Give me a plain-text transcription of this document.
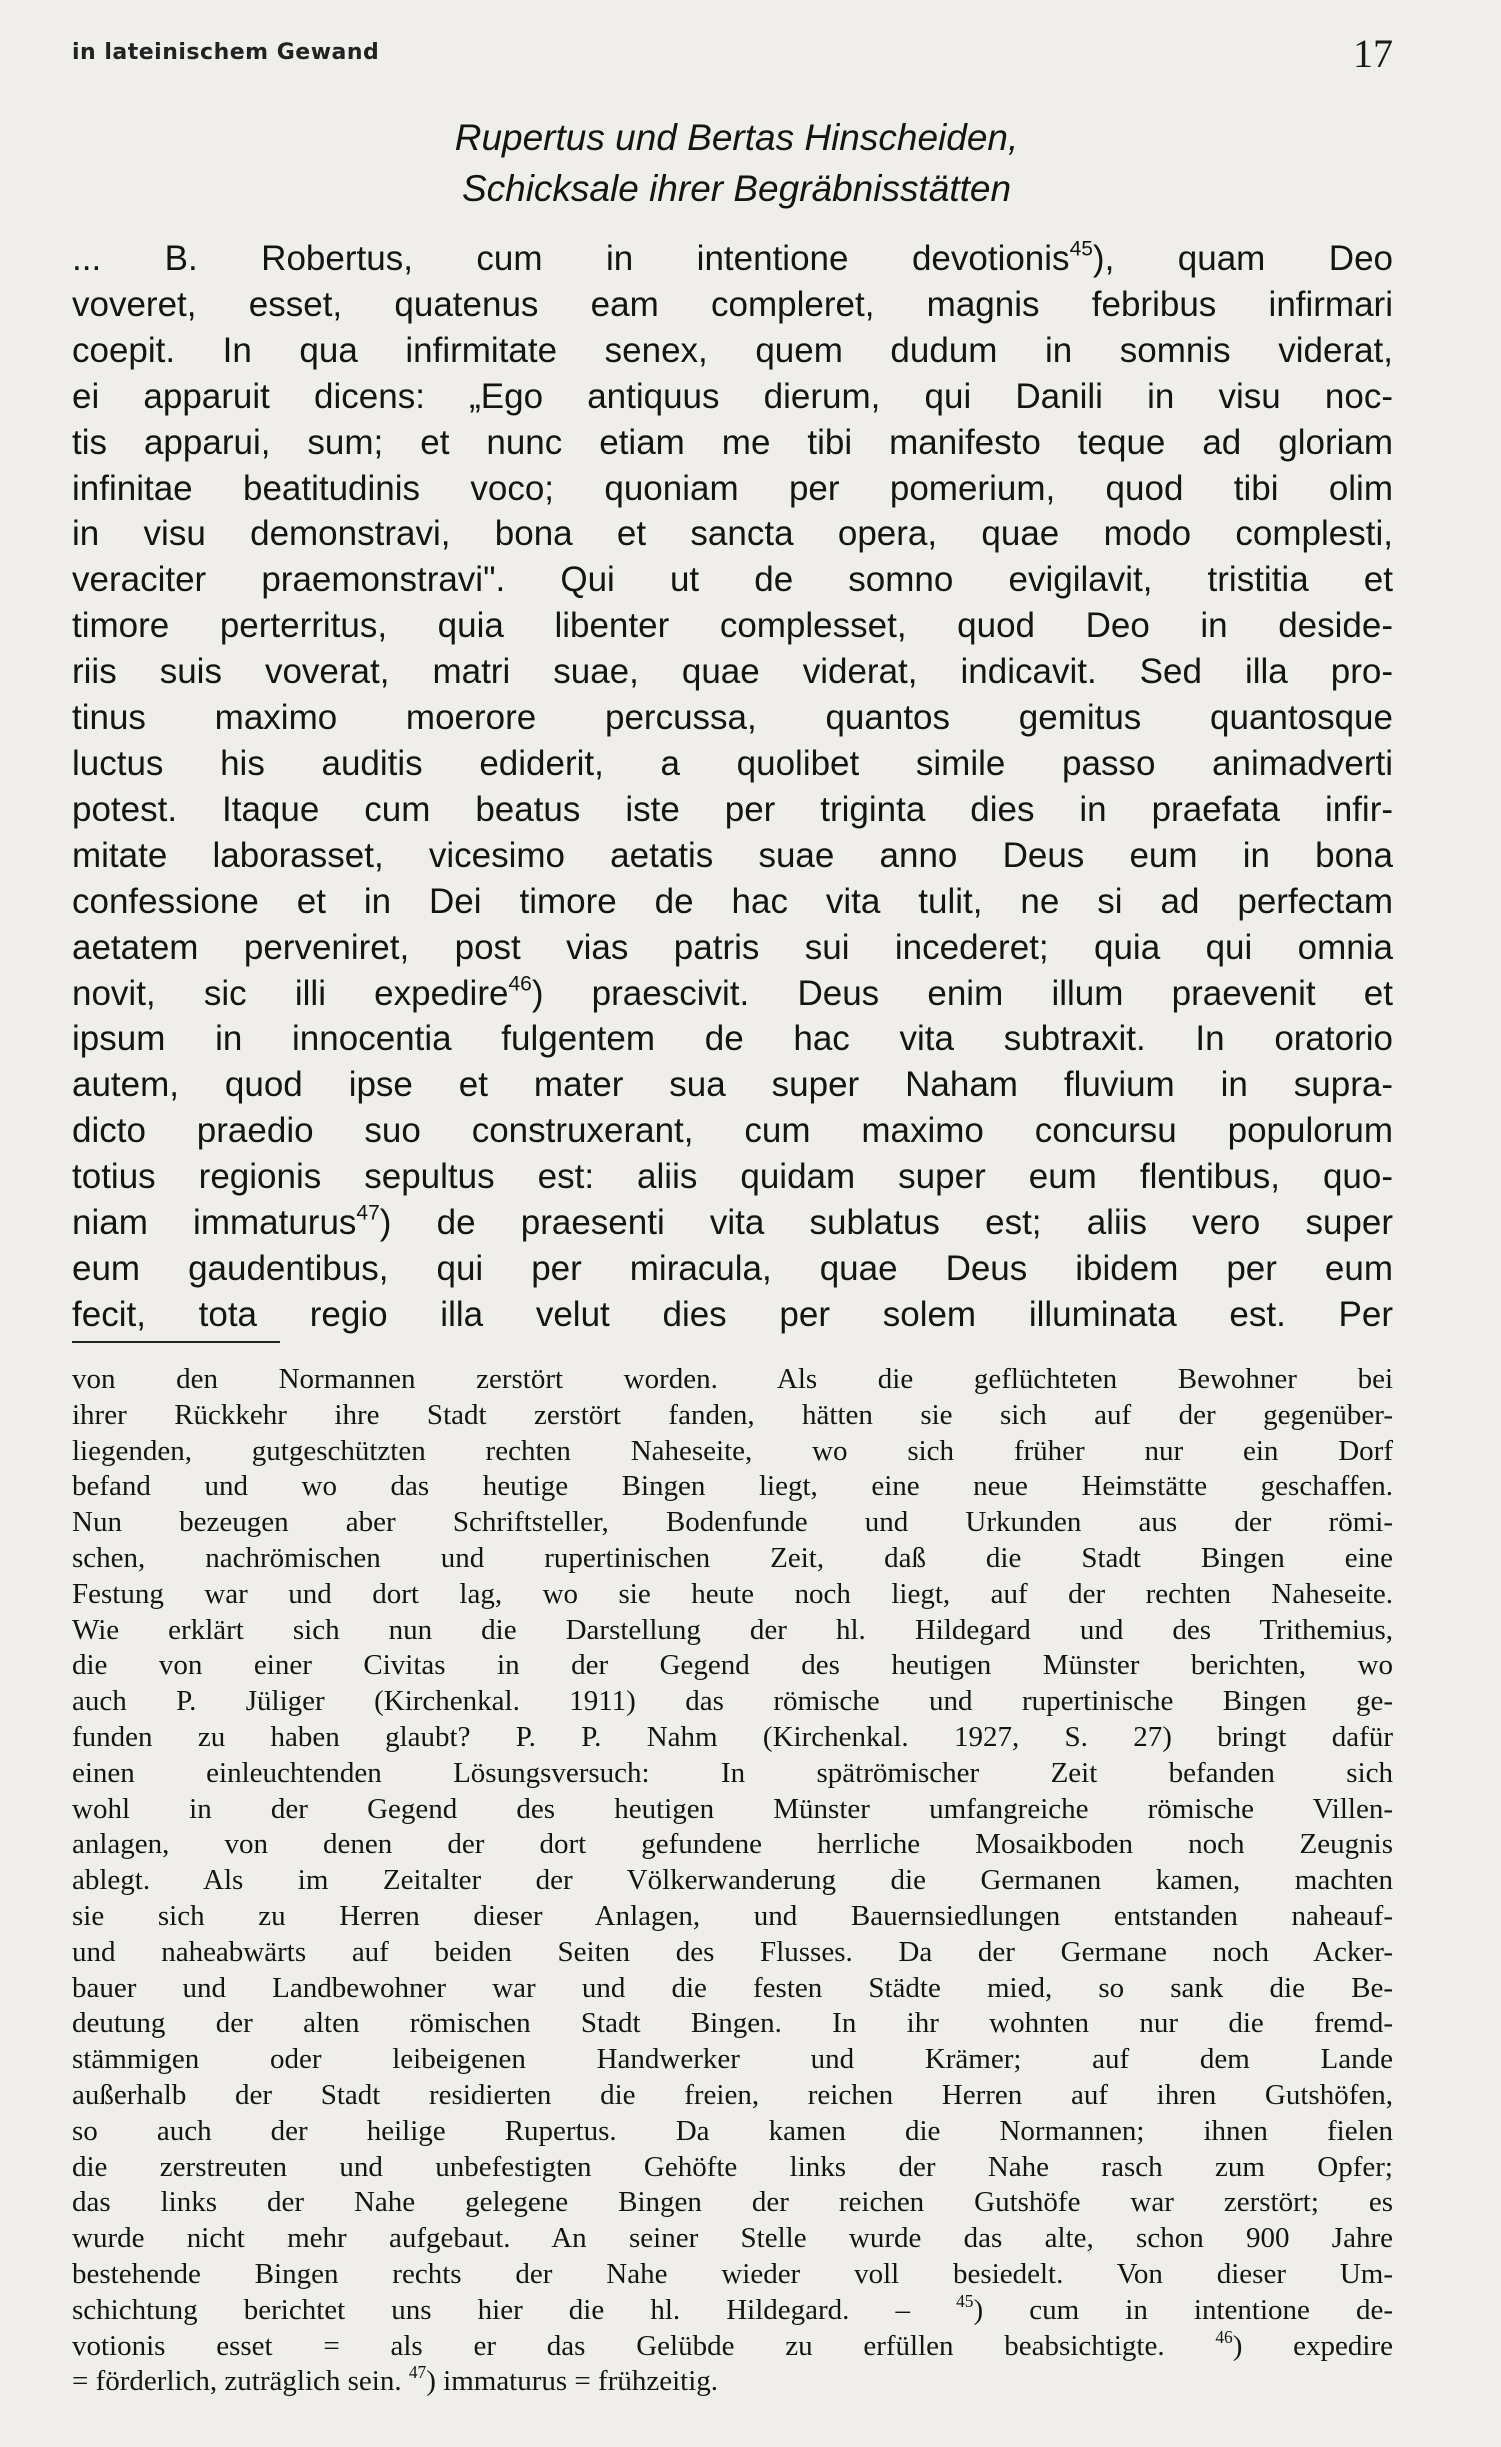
in lateinischem Gewand	17
Rupertus und Bertas Hinscheiden,
Schicksale ihrer Begräbnisstätten
... B. Robertus, cum in intentione devotionis$^{45}$), quam Deo
voveret, esset, quatenus eam compleret, magnis febribus infirmari
coepit. In qua infirmitate senex, quem dudum in somnis viderat,
ei apparuit dicens: „Ego antiquus dierum, qui Danili in visu noc-
tis apparui, sum; et nunc etiam me tibi manifesto teque ad gloriam
infinitae beatitudinis voco; quoniam per pomerium, quod tibi olim
in visu demonstravi, bona et sancta opera, quae modo complesti,
veraciter praemonstravi". Qui ut de somno evigilavit, tristitia et
timore perterritus, quia libenter complesset, quod Deo in deside-
riis suis voverat, matri suae, quae viderat, indicavit. Sed illa pro-
tinus maximo moerore percussa, quantos gemitus quantosque
luctus his auditis ediderit, a quolibet simile passo animadverti
potest. Itaque cum beatus iste per triginta dies in praefata infir-
mitate laborasset, vicesimo aetatis suae anno Deus eum in bona
confessione et in Dei timore de hac vita tulit, ne si ad perfectam
aetatem perveniret, post vias patris sui incederet; quia qui omnia
novit, sic illi expedire$^{46}$) praescivit. Deus enim illum praevenit et
ipsum in innocentia fulgentem de hac vita subtraxit. In oratorio
autem, quod ipse et mater sua super Naham fluvium in supra-
dicto praedio suo construxerant, cum maximo concursu populorum
totius regionis sepultus est: aliis quidam super eum flentibus, quo-
niam immaturus$^{47}$) de praesenti vita sublatus est; aliis vero super
eum gaudentibus, qui per miracula, quae Deus ibidem per eum
fecit, tota regio illa velut dies per solem illuminata est. Per
von den Normannen zerstört worden. Als die geflüchteten Bewohner bei
ihrer Rückkehr ihre Stadt zerstört fanden, hätten sie sich auf der gegenüber-
liegenden, gutgeschützten rechten Naheseite, wo sich früher nur ein Dorf
befand und wo das heutige Bingen liegt, eine neue Heimstätte geschaffen.
Nun bezeugen aber Schriftsteller, Bodenfunde und Urkunden aus der römi-
schen, nachrömischen und rupertinischen Zeit, daß die Stadt Bingen eine
Festung war und dort lag, wo sie heute noch liegt, auf der rechten Naheseite.
Wie erklärt sich nun die Darstellung der hl. Hildegard und des Trithemius,
die von einer Civitas in der Gegend des heutigen Münster berichten, wo
auch P. Jüliger (Kirchenkal. 1911) das römische und rupertinische Bingen ge-
funden zu haben glaubt? P. P. Nahm (Kirchenkal. 1927, S. 27) bringt dafür
einen einleuchtenden Lösungsversuch: In spätrömischer Zeit befanden sich
wohl in der Gegend des heutigen Münster umfangreiche römische Villen-
anlagen, von denen der dort gefundene herrliche Mosaikboden noch Zeugnis
ablegt. Als im Zeitalter der Völkerwanderung die Germanen kamen, machten
sie sich zu Herren dieser Anlagen, und Bauernsiedlungen entstanden naheauf-
und naheabwärts auf beiden Seiten des Flusses. Da der Germane noch Acker-
bauer und Landbewohner war und die festen Städte mied, so sank die Be-
deutung der alten römischen Stadt Bingen. In ihr wohnten nur die fremd-
stämmigen oder leibeigenen Handwerker und Krämer; auf dem Lande
außerhalb der Stadt residierten die freien, reichen Herren auf ihren Gutshöfen,
so auch der heilige Rupertus. Da kamen die Normannen; ihnen fielen
die zerstreuten und unbefestigten Gehöfte links der Nahe rasch zum Opfer;
das links der Nahe gelegene Bingen der reichen Gutshöfe war zerstört; es
wurde nicht mehr aufgebaut. An seiner Stelle wurde das alte, schon 900 Jahre
bestehende Bingen rechts der Nahe wieder voll besiedelt. Von dieser Um-
schichtung berichtet uns hier die hl. Hildegard. – $^{45}$) cum in intentione de-
votionis esset = als er das Gelübde zu erfüllen beabsichtigte. $^{46}$) expedire
= förderlich, zuträglich sein. $^{47}$) immaturus = frühzeitig.
